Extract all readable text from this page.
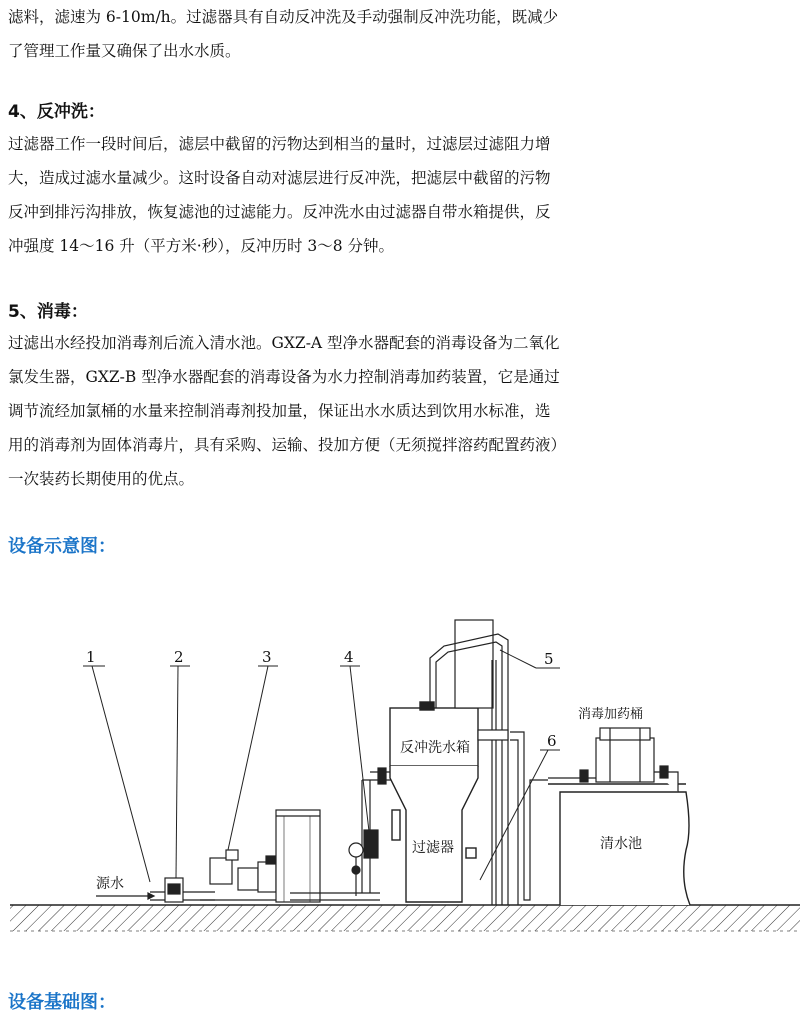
滤料，滤速为 6-10m/h。过滤器具有自动反冲洗及手动强制反冲洗功能，既减少
了管理工作量又确保了出水水质。
4、反冲洗：
过滤器工作一段时间后，滤层中截留的污物达到相当的量时，过滤层过滤阻力增
大，造成过滤水量减少。这时设备自动对滤层进行反冲洗，把滤层中截留的污物
反冲到排污沟排放，恢复滤池的过滤能力。反冲洗水由过滤器自带水箱提供，反
冲强度 14～16 升（平方米·秒），反冲历时 3～8 分钟。
5、消毒：
过滤出水经投加消毒剂后流入清水池。GXZ-A 型净水器配套的消毒设备为二氧化
氯发生器，GXZ-B 型净水器配套的消毒设备为水力控制消毒加药装置，它是通过
调节流经加氯桶的水量来控制消毒剂投加量，保证出水水质达到饮用水标准，选
用的消毒剂为固体消毒片，具有采购、运输、投加方便（无须搅拌溶药配置药液）
一次装药长期使用的优点。
设备示意图：
1	2	3	4	5
6
源水
反冲洗水箱
过滤器	清水池
消毒加药桶
设备基础图：
